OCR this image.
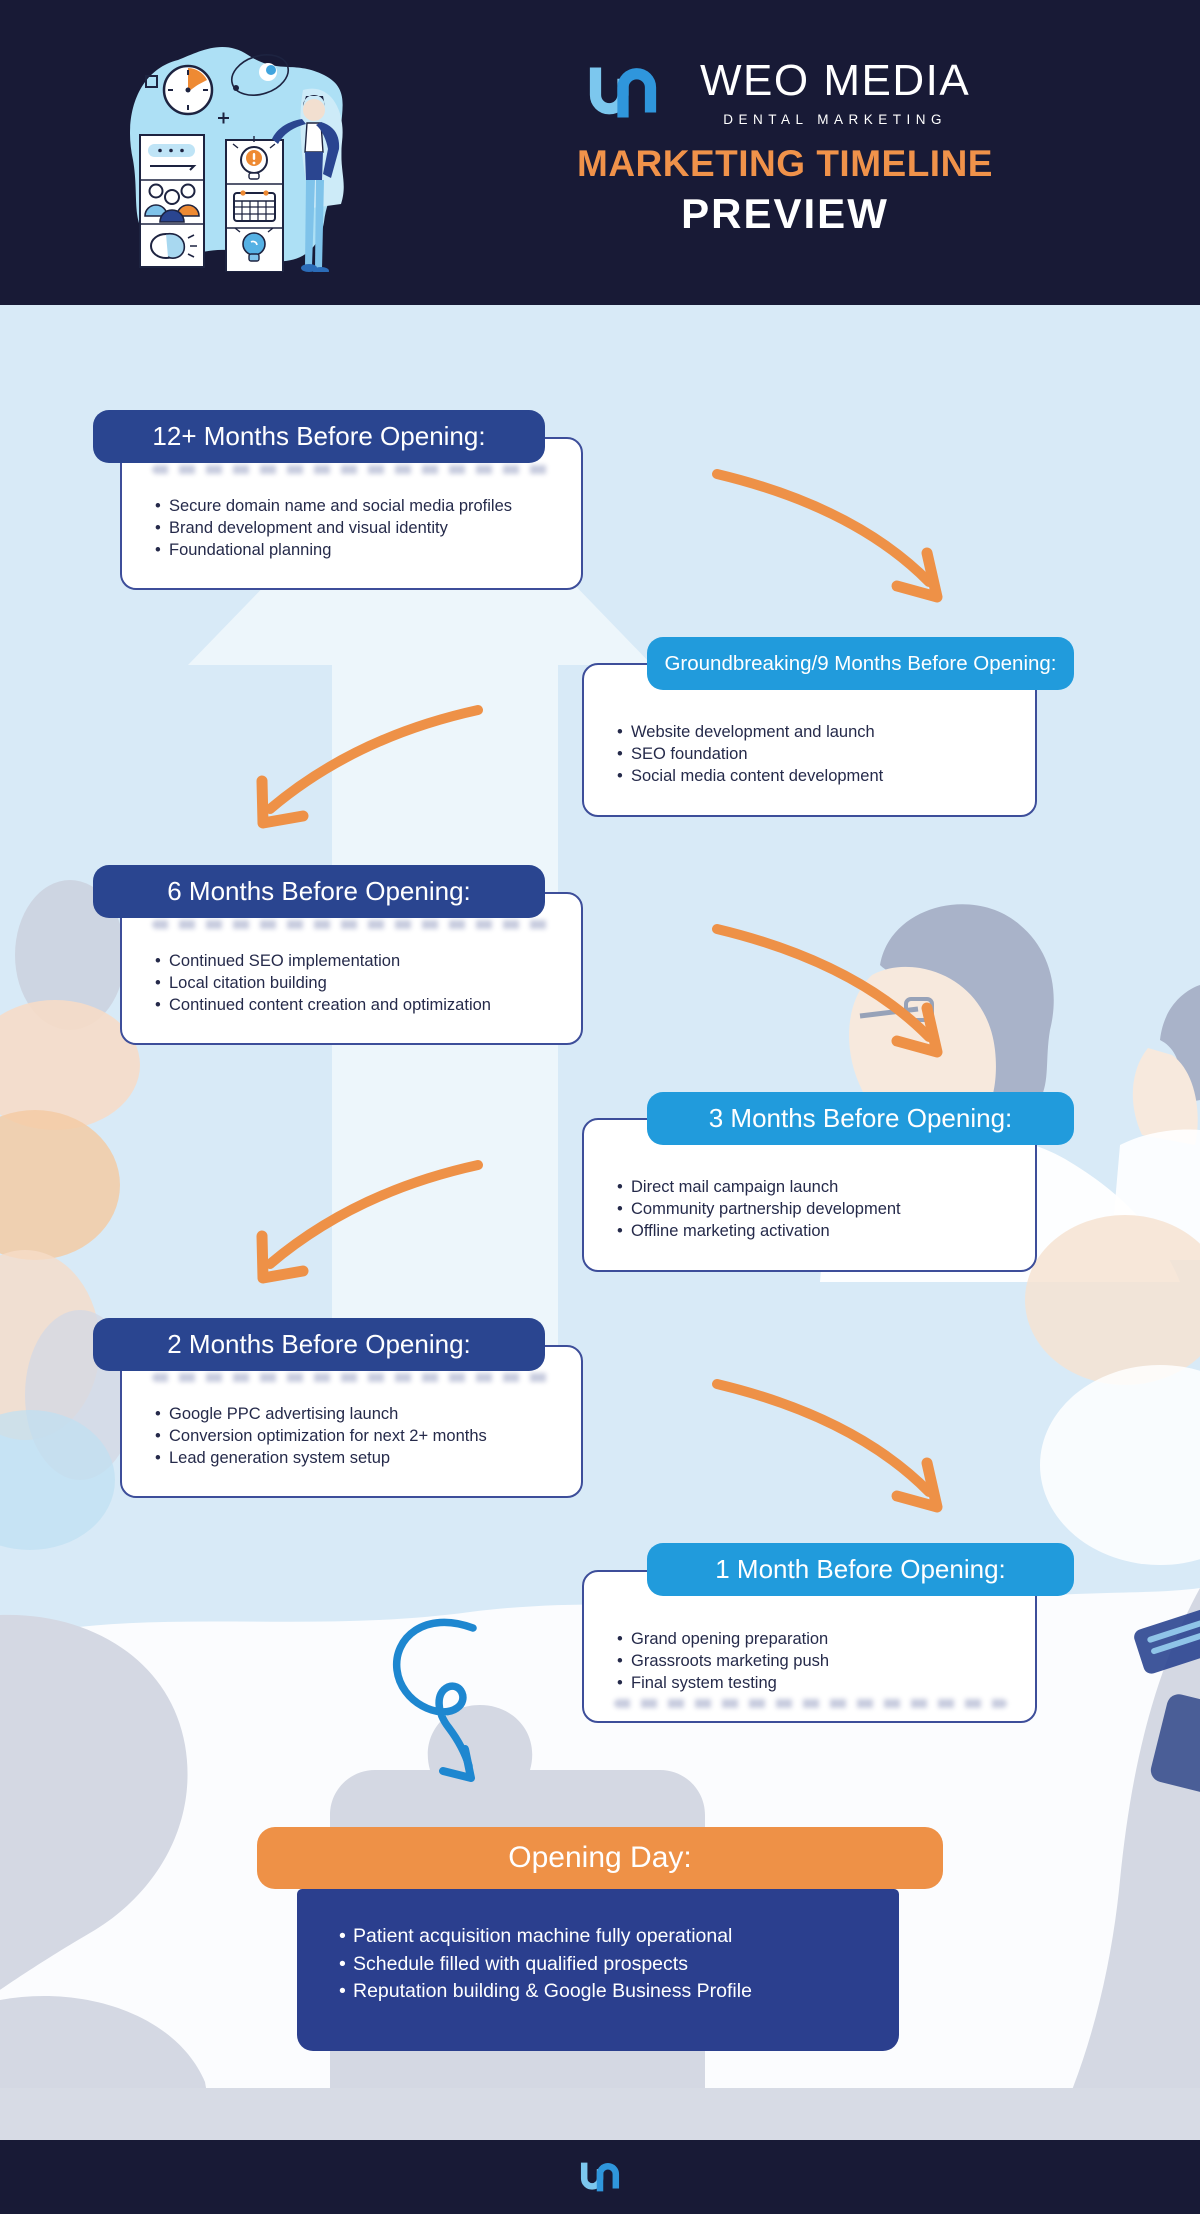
WEO MEDIA
DENTAL MARKETING
MARKETING TIMELINE
PREVIEW
12+ Months Before Opening:
• Secure domain name and social media profiles
• Brand development and visual identity
• Foundational planning
Groundbreaking/9 Months Before Opening:
• Website development and launch
• SEO foundation
• Social media content development
6 Months Before Opening:
• Continued SEO implementation
• Local citation building
• Continued content creation and optimization
3 Months Before Opening:
• Direct mail campaign launch
• Community partnership development
• Offline marketing activation
2 Months Before Opening:
• Google PPC advertising launch
• Conversion optimization for next 2+ months
• Lead generation system setup
1 Month Before Opening:
• Grand opening preparation
• Grassroots marketing push
• Final system testing
Opening Day:
• Patient acquisition machine fully operational
• Schedule filled with qualified prospects
• Reputation building & Google Business Profile
